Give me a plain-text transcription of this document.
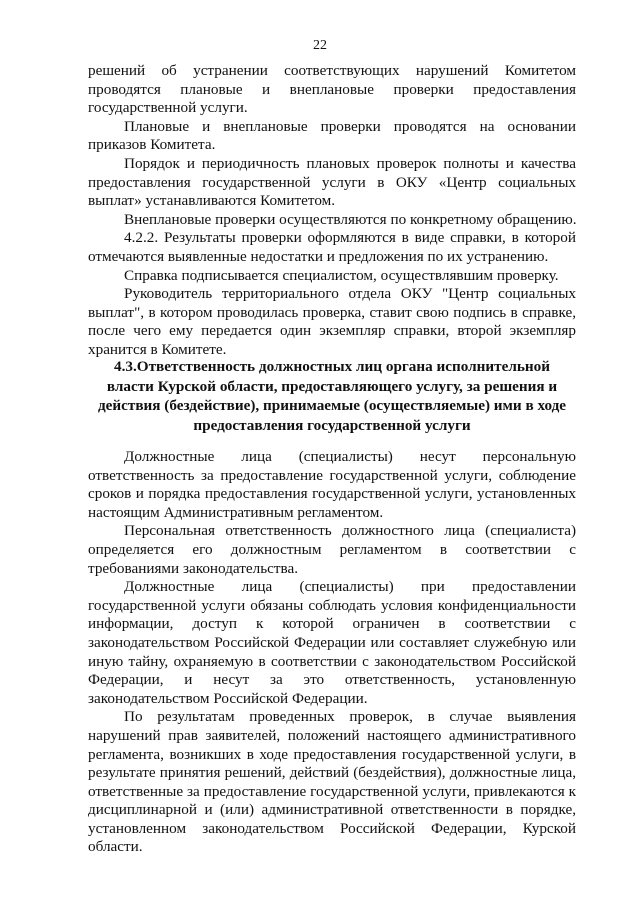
22

решений об устранении соответствующих нарушений Комитетом

проводятся плановые и внеплановые проверки предоставления

государственной услуги.

Плановые и внеплановые проверки проводятся на основании

приказов Комитета.

Порядок и периодичность плановых проверок полноты и качества

предоставления государственной услуги в ОКУ «Центр социальных

выплат» устанавливаются Комитетом.

Внеплановые проверки осуществляются по конкретному обращению.

4.2.2. Результаты проверки оформляются в виде справки, в которой

отмечаются выявленные недостатки и предложения по их устранению.

Справка подписывается специалистом, осуществлявшим проверку.

Руководитель территориального отдела ОКУ "Центр социальных

выплат", в котором проводилась проверка, ставит свою подпись в справке,

после чего ему передается один экземпляр справки, второй экземпляр

хранится в Комитете.

4.3.Ответственность должностных лиц органа исполнительной

власти Курской области, предоставляющего услугу, за решения и

действия (бездействие), принимаемые (осуществляемые) ими в ходе

предоставления государственной услуги

Должностные лица (специалисты) несут персональную

ответственность за предоставление государственной услуги, соблюдение

сроков и порядка предоставления государственной услуги, установленных

настоящим Административным регламентом.

Персональная ответственность должностного лица (специалиста)

определяется его должностным регламентом в соответствии с

требованиями законодательства.

Должностные лица (специалисты) при предоставлении

государственной услуги обязаны соблюдать условия конфиденциальности

информации, доступ к которой ограничен в соответствии с

законодательством Российской Федерации или составляет служебную или

иную тайну, охраняемую в соответствии с законодательством Российской

Федерации, и несут за это ответственность, установленную

законодательством Российской Федерации.

По результатам проведенных проверок, в случае выявления

нарушений прав заявителей, положений настоящего административного

регламента, возникших в ходе предоставления государственной услуги, в

результате принятия решений, действий (бездействия), должностные лица,

ответственные за предоставление государственной услуги, привлекаются к

дисциплинарной и (или) административной ответственности в порядке,

установленном законодательством Российской Федерации, Курской

области.
